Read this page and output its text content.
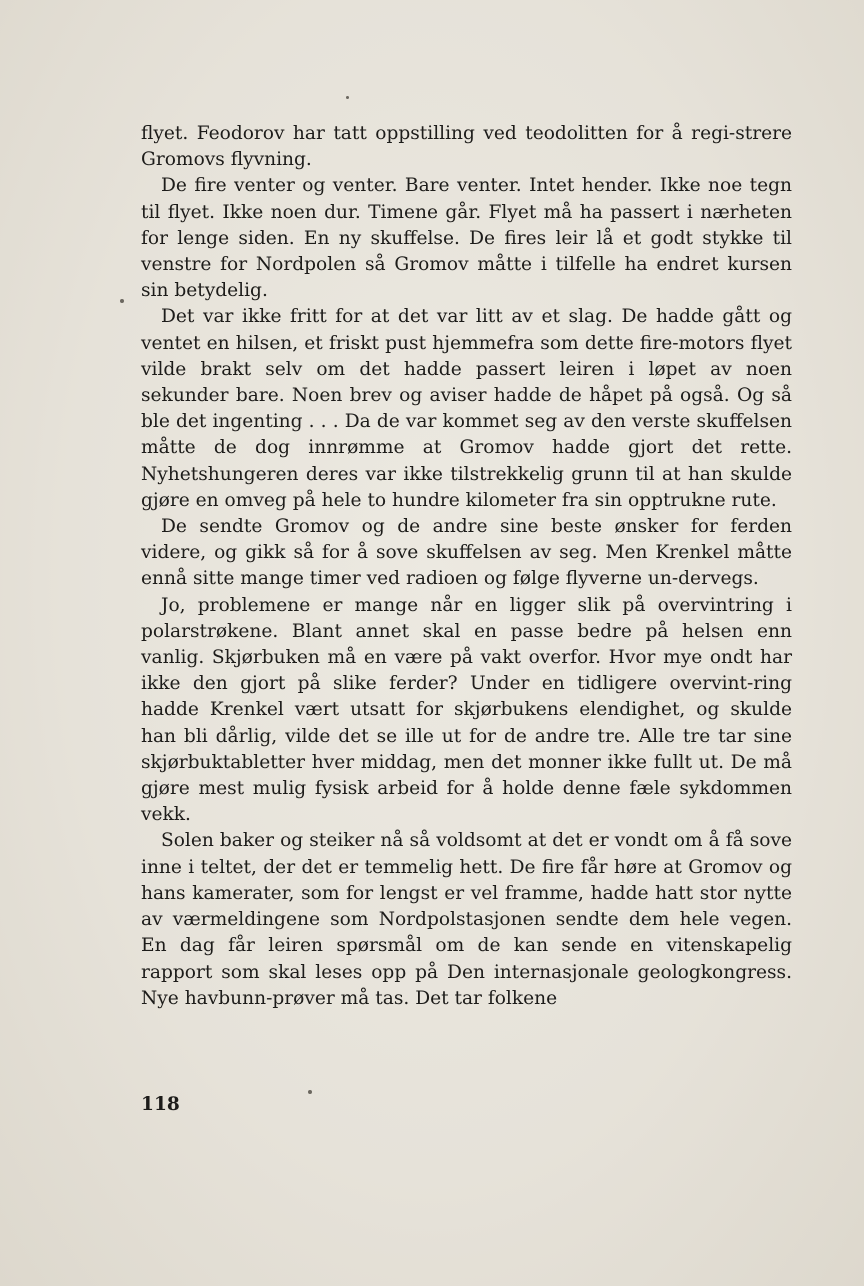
flyet. Feodorov har tatt oppstilling ved teodolitten for å regi-strere Gromovs flyvning.

De fire venter og venter. Bare venter. Intet hender. Ikke noe tegn til flyet. Ikke noen dur. Timene går. Flyet må ha passert i nærheten for lenge siden. En ny skuffelse. De fires leir lå et godt stykke til venstre for Nordpolen så Gromov måtte i tilfelle ha endret kursen sin betydelig.

Det var ikke fritt for at det var litt av et slag. De hadde gått og ventet en hilsen, et friskt pust hjemmefra som dette fire-motors flyet vilde brakt selv om det hadde passert leiren i løpet av noen sekunder bare. Noen brev og aviser hadde de håpet på også. Og så ble det ingenting . . . Da de var kommet seg av den verste skuffelsen måtte de dog innrømme at Gromov hadde gjort det rette. Nyhetshungeren deres var ikke tilstrekkelig grunn til at han skulde gjøre en omveg på hele to hundre kilometer fra sin opptrukne rute.

De sendte Gromov og de andre sine beste ønsker for ferden videre, og gikk så for å sove skuffelsen av seg. Men Krenkel måtte ennå sitte mange timer ved radioen og følge flyverne un-dervegs.

Jo, problemene er mange når en ligger slik på overvintring i polarstrøkene. Blant annet skal en passe bedre på helsen enn vanlig. Skjørbuken må en være på vakt overfor. Hvor mye ondt har ikke den gjort på slike ferder? Under en tidligere overvint-ring hadde Krenkel vært utsatt for skjørbukens elendighet, og skulde han bli dårlig, vilde det se ille ut for de andre tre. Alle tre tar sine skjørbuktabletter hver middag, men det monner ikke fullt ut. De må gjøre mest mulig fysisk arbeid for å holde denne fæle sykdommen vekk.

Solen baker og steiker nå så voldsomt at det er vondt om å få sove inne i teltet, der det er temmelig hett. De fire får høre at Gromov og hans kamerater, som for lengst er vel framme, hadde hatt stor nytte av værmeldingene som Nordpolstasjonen sendte dem hele vegen. En dag får leiren spørsmål om de kan sende en vitenskapelig rapport som skal leses opp på Den internasjonale geologkongress. Nye havbunn-prøver må tas. Det tar folkene

118
